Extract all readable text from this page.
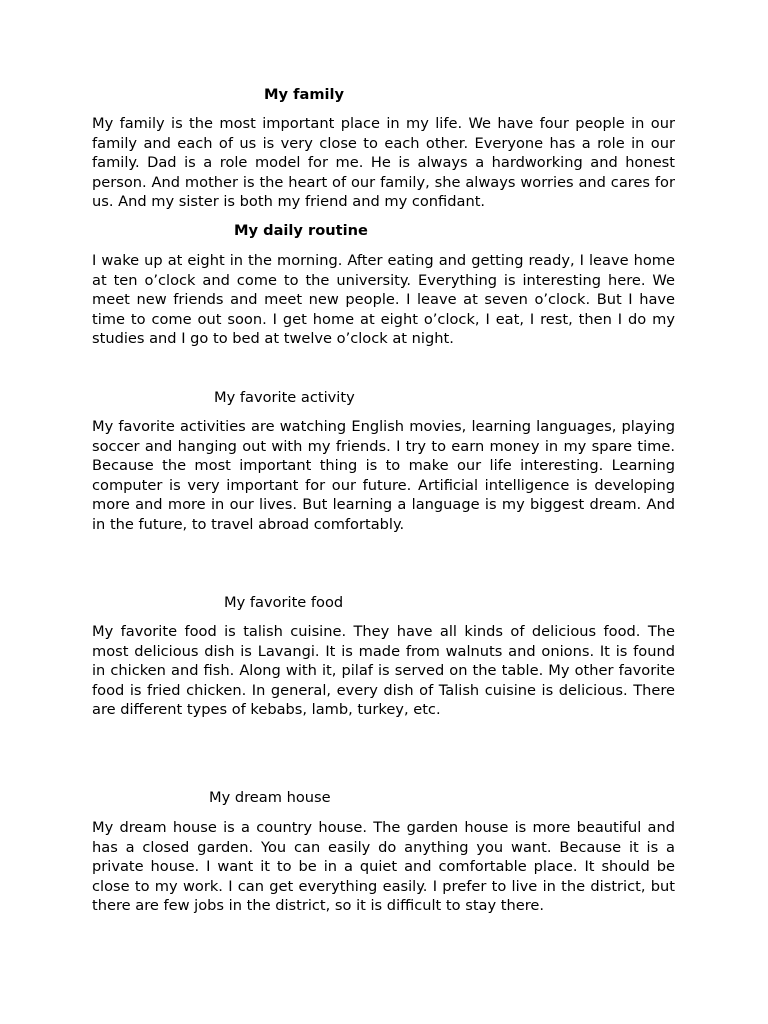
My family

My family is the most important place in my life. We have four people in our family and each of us is very close to each other. Everyone has a role in our family. Dad is a role model for me. He is always a hardworking and honest person. And mother is the heart of our family, she always worries and cares for us. And my sister is both my friend and my confidant.

My daily routine

I wake up at eight in the morning. After eating and getting ready, I leave home at ten o’clock and come to the university. Everything is interesting here. We meet new friends and meet new people. I leave at seven o’clock. But I have time to come out soon. I get home at eight o’clock, I eat, I rest, then I do my studies and I go to bed at twelve o’clock at night.

My favorite activity

My favorite activities are watching English movies, learning languages, playing soccer and hanging out with my friends. I try to earn money in my spare time. Because the most important thing is to make our life interesting. Learning computer is very important for our future. Artificial intelligence is developing more and more in our lives. But learning a language is my biggest dream. And in the future, to travel abroad comfortably.

My favorite food

My favorite food is talish cuisine. They have all kinds of delicious food. The most delicious dish is Lavangi. It is made from walnuts and onions. It is found in chicken and fish. Along with it, pilaf is served on the table. My other favorite food is fried chicken. In general, every dish of Talish cuisine is delicious. There are different types of kebabs, lamb, turkey, etc.

My dream house

My dream house is a country house. The garden house is more beautiful and has a closed garden. You can easily do anything you want. Because it is a private house. I want it to be in a quiet and comfortable place. It should be close to my work. I can get everything easily. I prefer to live in the district, but there are few jobs in the district, so it is difficult to stay there.
